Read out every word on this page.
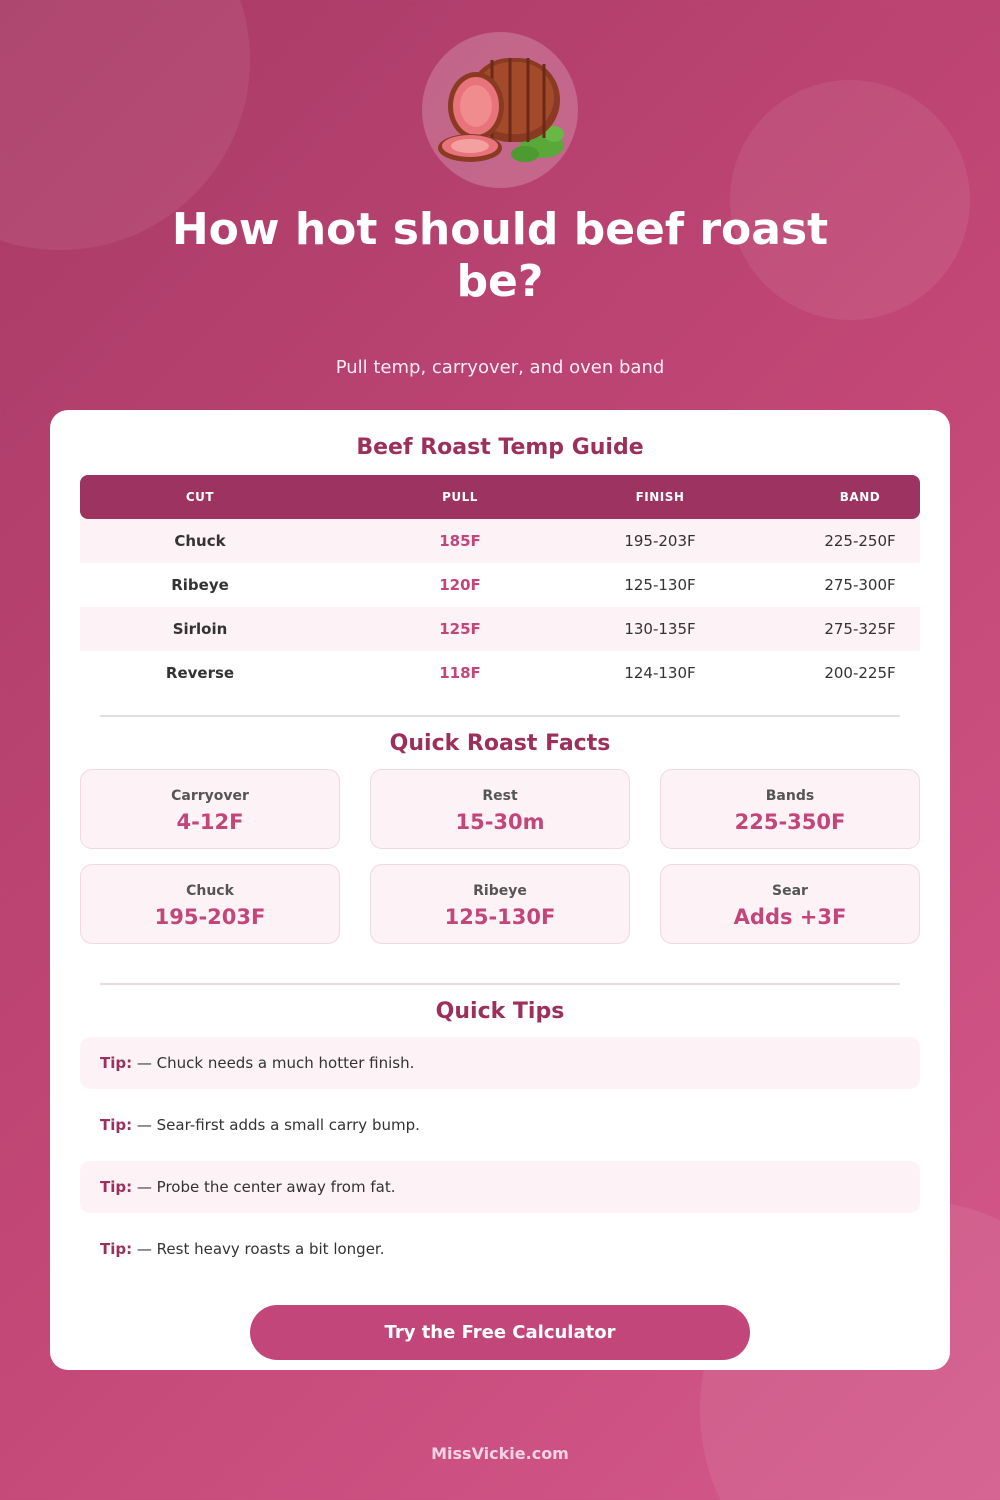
How hot should beef roast be?
Pull temp, carryover, and oven band
Beef Roast Temp Guide
CUT	PULL	FINISH	BAND
Chuck	185F	195-203F	225-250F
Ribeye	120F	125-130F	275-300F
Sirloin	125F	130-135F	275-325F
Reverse	118F	124-130F	200-225F
Quick Roast Facts
Carryover
4-12F
Rest
15-30m
Bands
225-350F
Chuck
195-203F
Ribeye
125-130F
Sear
Adds +3F
Quick Tips
Tip: — Chuck needs a much hotter finish.
Tip: — Sear-first adds a small carry bump.
Tip: — Probe the center away from fat.
Tip: — Rest heavy roasts a bit longer.
Try the Free Calculator
MissVickie.com
